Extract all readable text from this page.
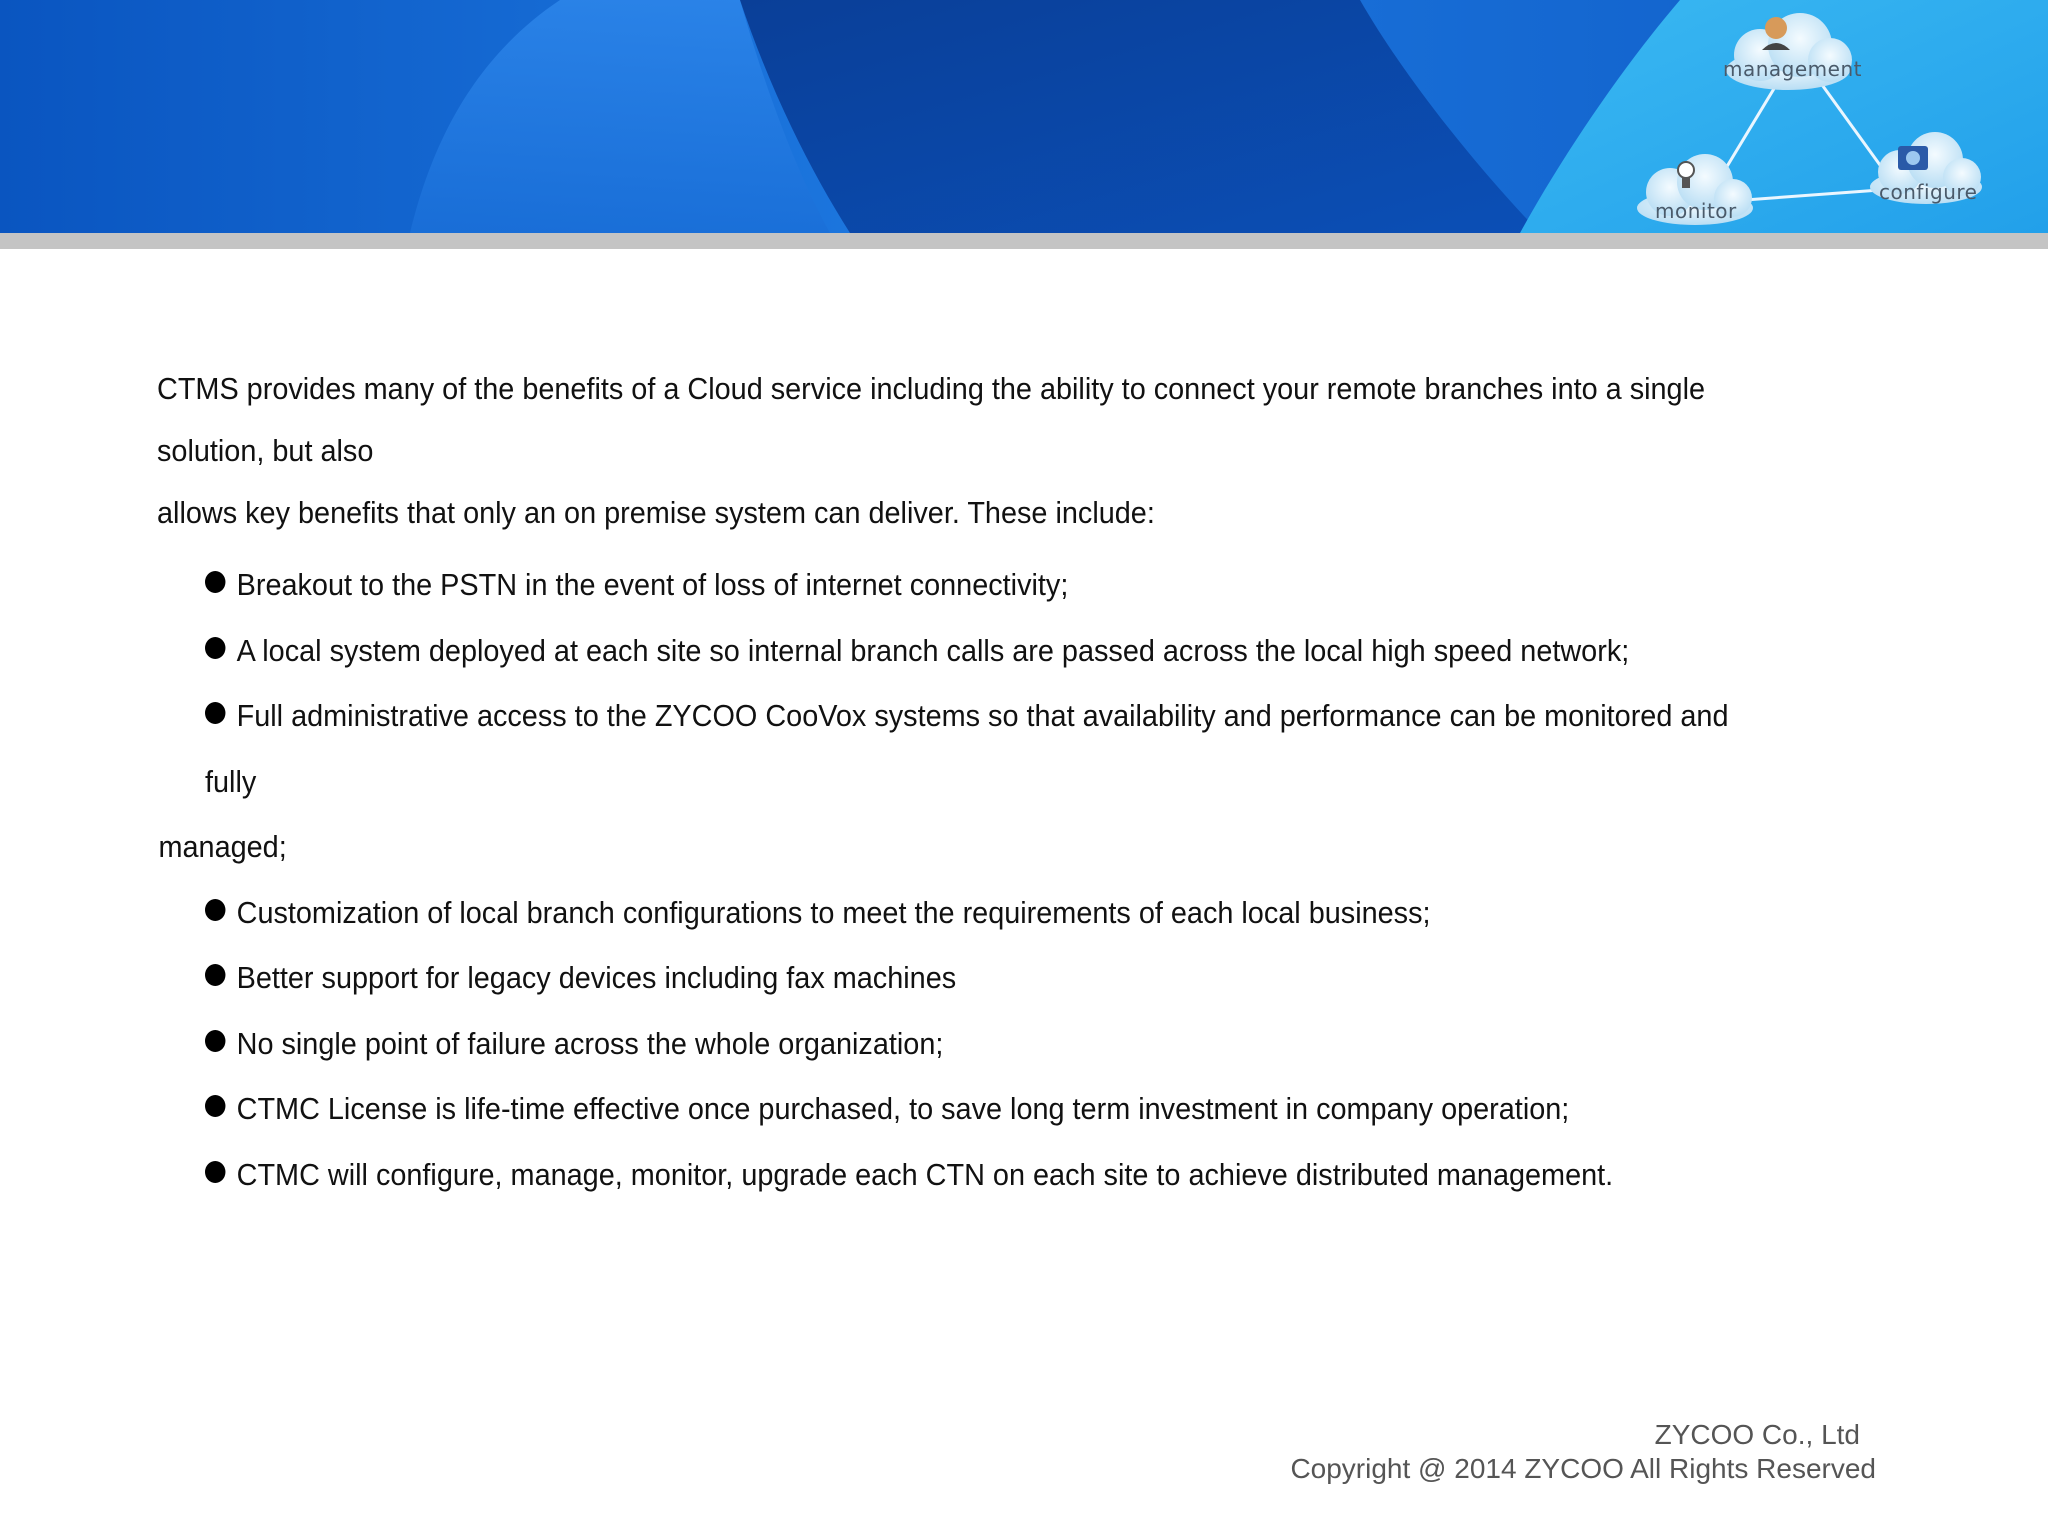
management
monitor
configure

CTMS provides many of the benefits of a Cloud service including the ability to connect your remote branches into a single solution, but also
allows key benefits that only an on premise system can deliver. These include:

Breakout to the PSTN in the event of loss of internet connectivity;
A local system deployed at each site so internal branch calls are passed across the local high speed network;
Full administrative access to the ZYCOO CooVox systems so that availability and performance can be monitored and fully
managed;
Customization of local branch configurations to meet the requirements of each local business;
Better support for legacy devices including fax machines
No single point of failure across the whole organization;
CTMC License is life-time effective once purchased, to save long term investment in company operation;
CTMC will configure, manage, monitor, upgrade each CTN on each site to achieve distributed management.
ZYCOO Co., Ltd
Copyright @ 2014 ZYCOO All Rights Reserved
